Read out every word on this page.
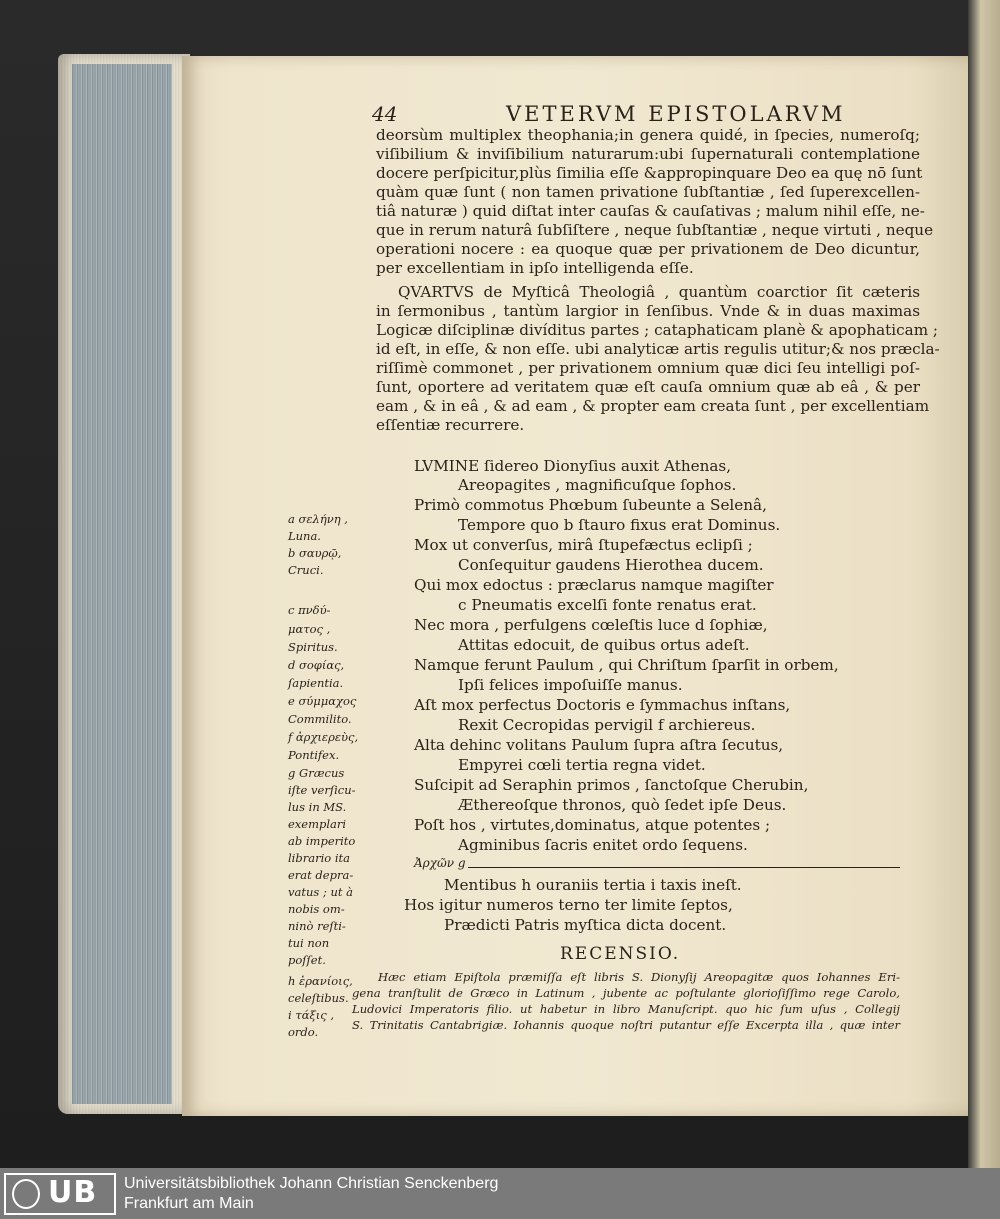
44	VETERVM EPISTOLARVM
deorsùm multiplex theophania;in genera quidé, in ſpecies, numeroſq;
viſibilium & inviſibilium naturarum:ubi ſupernaturali contemplatione
docere perſpicitur,plùs ſimilia eſſe &appropinquare Deo ea quę nō ſunt
quàm quæ ſunt ( non tamen privatione ſubſtantiæ , ſed ſuperexcellen-
tiâ naturæ ) quid diſtat inter cauſas & cauſativas ; malum nihil eſſe, ne-
que in rerum naturâ ſubſiſtere , neque ſubſtantiæ , neque virtuti , neque
operationi nocere : ea quoque quæ per privationem de Deo dicuntur,
per excellentiam in ipſo intelligenda eſſe.
QVARTVS de Myſticâ Theologiâ , quantùm coarctior ſit cæteris
in ſermonibus , tantùm largior in ſenſibus. Vnde & in duas maximas
Logicæ diſciplinæ divíditus partes ; cataphaticam planè & apophaticam ;
id eſt, in eſſe, & non eſſe. ubi analyticæ artis regulis utitur;& nos præcla-
riſſimè commonet , per privationem omnium quæ dici ſeu intelligi poſ-
ſunt, oportere ad veritatem quæ eſt cauſa omnium quæ ab eâ , & per
eam , & in eâ , & ad eam , & propter eam creata ſunt , per excellentiam
eſſentiæ recurrere.
LVMINE ſidereo Dionyſius auxit Athenas,
Areopagites , magnificuſque ſophos.
Primò commotus Phœbum ſubeunte a Selenâ,
Tempore quo b ſtauro fixus erat Dominus.
Mox ut converſus, mirâ ſtupefæctus eclipſi ;
Conſequitur gaudens Hierothea ducem.
Qui mox edoctus : præclarus namque magiſter
c Pneumatis excelſi fonte renatus erat.
Nec mora , perfulgens cœleſtis luce d ſophiæ,
Attitas edocuit, de quibus ortus adeſt.
Namque ferunt Paulum , qui Chriſtum ſparſit in orbem,
Ipſi felices impoſuiſſe manus.
Aſt mox perfectus Doctoris e ſymmachus inſtans,
Rexit Cecropidas pervigil f archiereus.
Alta dehinc volitans Paulum ſupra aſtra ſecutus,
Empyrei cœli tertia regna videt.
Suſcipit ad Seraphin primos , ſanctoſque Cherubin,
Æthereoſque thronos, quò ſedet ipſe Deus.
Poſt hos , virtutes,dominatus, atque potentes ;
Agminibus ſacris enitet ordo ſequens.
Ἀρχῶν g
Mentibus h ouraniis tertia i taxis ineſt.
Hos igitur numeros terno ter limite ſeptos,
Prædicti Patris myſtica dicta docent.
a σελήνη ,
Luna.
b σαυρῷ,
Cruci.
c πνδύ-
ματος ,
Spiritus.
d σοφίας,
ſapientia.
e σύμμαχος
Commilito.
f ἀρχιερεὺς,
Pontifex.
g Græcus
iſte verſicu-
lus in MS.
exemplari
ab imperito
librario ita
erat depra-
vatus ; ut à
nobis om-
ninò reſti-
tui non
poſſet.
h ἐρανίοις,
celeſtibus.
i τάξις ,
ordo.
RECENSIO.
Hæc etiam Epiſtola præmiſſa eſt libris S. Dionyſij Areopagitæ quos Iohannes Eri-
gena tranſtulit de Græco in Latinum , jubente ac poſtulante glorioſiſſimo rege Carolo,
Ludovici Imperatoris filio. ut habetur in libro Manuſcript. quo hic ſum uſus , Collegij
S. Trinitatis Cantabrigiæ. Iohannis quoque noſtri putantur eſſe Excerpta illa , quæ inter
UB Universitätsbibliothek Johann Christian Senckenberg
Frankfurt am Main
